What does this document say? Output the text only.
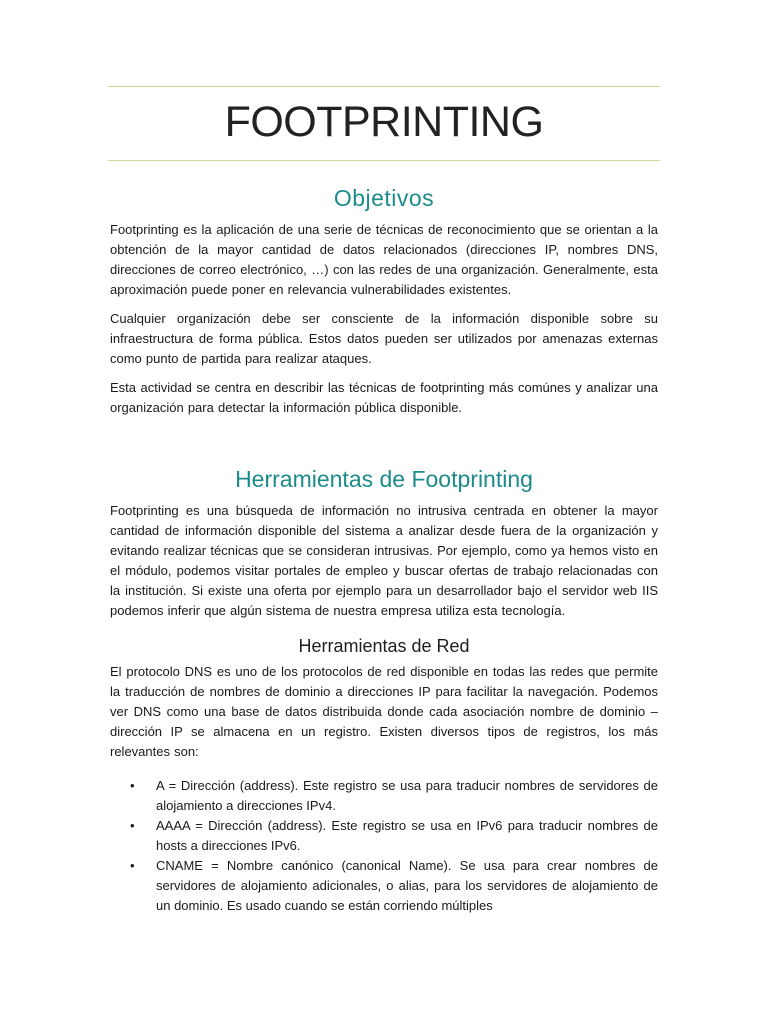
FOOTPRINTING
Objetivos

Footprinting es la aplicación de una serie de técnicas de reconocimiento que se orientan a la obtención de la mayor cantidad de datos relacionados (direcciones IP, nombres DNS, direcciones de correo electrónico, …) con las redes de una organización. Generalmente, esta aproximación puede poner en relevancia vulnerabilidades existentes.

Cualquier organización debe ser consciente de la información disponible sobre su infraestructura de forma pública. Estos datos pueden ser utilizados por amenazas externas como punto de partida para realizar ataques.

Esta actividad se centra en describir las técnicas de footprinting más comúnes y analizar una organización para detectar la información pública disponible.

Herramientas de Footprinting

Footprinting es una búsqueda de información no intrusiva centrada en obtener la mayor cantidad de información disponible del sistema a analizar desde fuera de la organización y evitando realizar técnicas que se consideran intrusivas. Por ejemplo, como ya hemos visto en el módulo, podemos visitar portales de empleo y buscar ofertas de trabajo relacionadas con la institución. Si existe una oferta por ejemplo para un desarrollador bajo el servidor web IIS podemos inferir que algún sistema de nuestra empresa utiliza esta tecnología.

Herramientas de Red

El protocolo DNS es uno de los protocolos de red disponible en todas las redes que permite la traducción de nombres de dominio a direcciones IP para facilitar la navegación. Podemos ver DNS como una base de datos distribuida donde cada asociación nombre de dominio – dirección IP se almacena en un registro. Existen diversos tipos de registros, los más relevantes son:

• A = Dirección (address). Este registro se usa para traducir nombres de servidores de alojamiento a direcciones IPv4.
• AAAA = Dirección (address). Este registro se usa en IPv6 para traducir nombres de hosts a direcciones IPv6.
• CNAME = Nombre canónico (canonical Name). Se usa para crear nombres de servidores de alojamiento adicionales, o alias, para los servidores de alojamiento de un dominio. Es usado cuando se están corriendo múltiples
